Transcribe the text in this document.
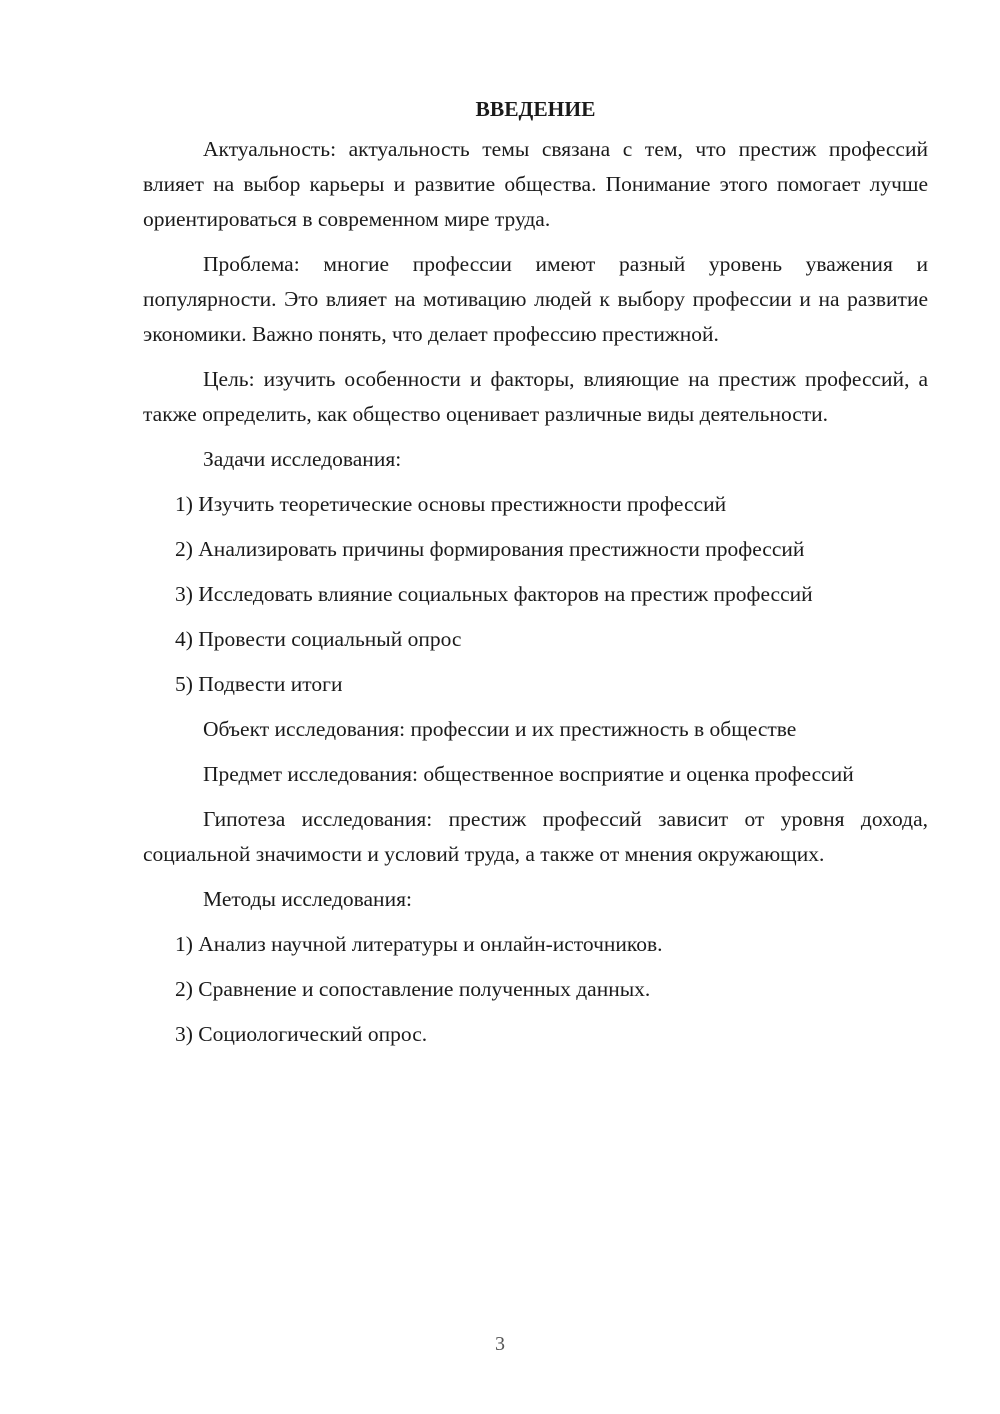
ВВЕДЕНИЕ

Актуальность: актуальность темы связана с тем, что престиж профессий влияет на выбор карьеры и развитие общества. Понимание этого помогает лучше ориентироваться в современном мире труда.

Проблема: многие профессии имеют разный уровень уважения и популярности. Это влияет на мотивацию людей к выбору профессии и на развитие экономики. Важно понять, что делает профессию престижной.

Цель: изучить особенности и факторы, влияющие на престиж профессий, а также определить, как общество оценивает различные виды деятельности.

Задачи исследования:

1) Изучить теоретические основы престижности профессий
2) Анализировать причины формирования престижности профессий
3) Исследовать влияние социальных факторов на престиж профессий
4) Провести социальный опрос
5) Подвести итоги

Объект исследования: профессии и их престижность в обществе

Предмет исследования: общественное восприятие и оценка профессий

Гипотеза исследования: престиж профессий зависит от уровня дохода, социальной значимости и условий труда, а также от мнения окружающих.

Методы исследования:

1) Анализ научной литературы и онлайн-источников.
2) Сравнение и сопоставление полученных данных.
3) Социологический опрос.
3
